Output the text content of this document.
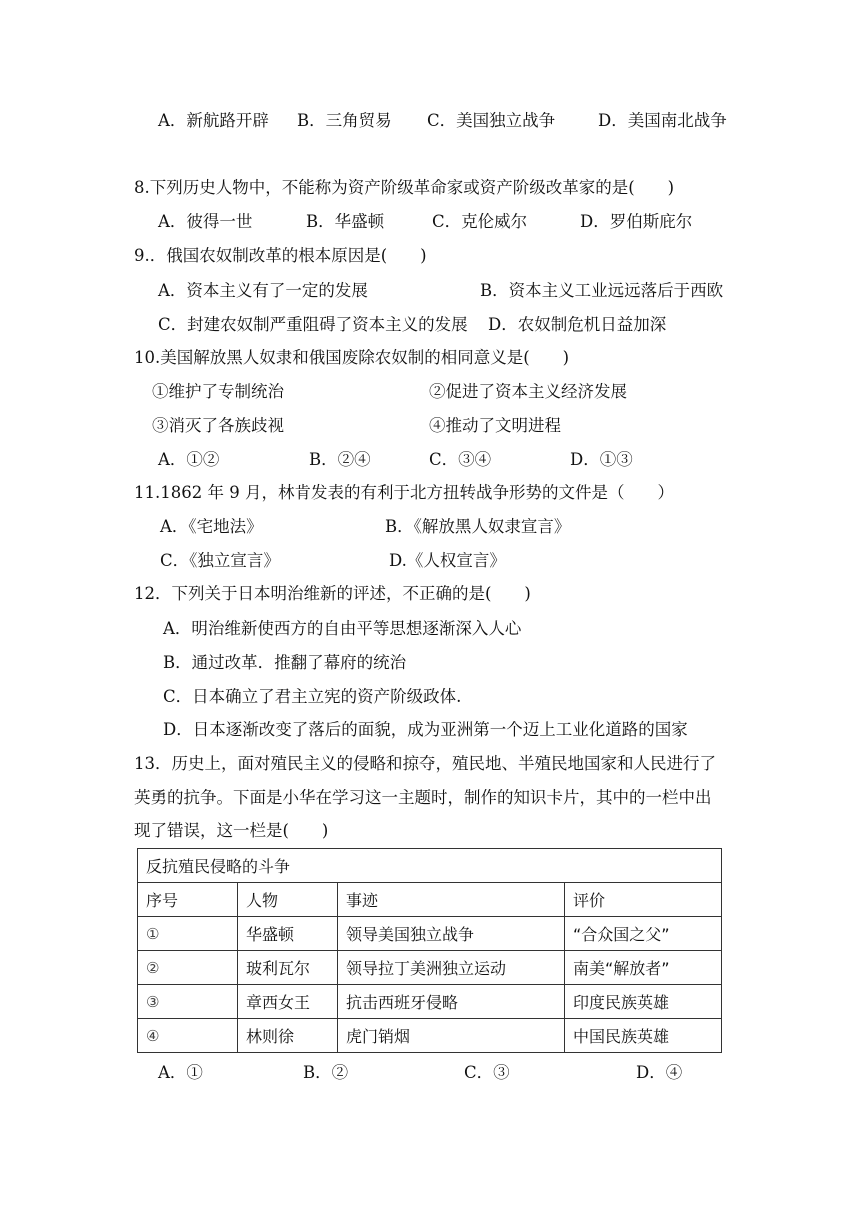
A．新航路开辟 B．三角贸易 C．美国独立战争	D．美国南北战争
8.下列历史人物中，不能称为资产阶级革命家或资产阶级改革家的是(　　)
A．彼得一世	B．华盛顿	C．克伦威尔	D．罗伯斯庇尔
9.．俄国农奴制改革的根本原因是(　　)
A．资本主义有了一定的发展	B．资本主义工业远远落后于西欧
C．封建农奴制严重阻碍了资本主义的发展 D．农奴制危机日益加深
10.美国解放黑人奴隶和俄国废除农奴制的相同意义是(　　)
①维护了专制统治	②促进了资本主义经济发展
③消灭了各族歧视	④推动了文明进程
A．①②	B．②④	C．③④	D．①③
11.1862 年 9 月，林肯发表的有利于北方扭转战争形势的文件是（　　）
A．《宅地法》	B．《解放黑人奴隶宣言》
C．《独立宣言》	D.《人权宣言》
12．下列关于日本明治维新的评述，不正确的是(　　)
A．明治维新使西方的自由平等思想逐渐深入人心
B．通过改革．推翻了幕府的统治
C．日本确立了君主立宪的资产阶级政体.
D．日本逐渐改变了落后的面貌，成为亚洲第一个迈上工业化道路的国家
13．历史上，面对殖民主义的侵略和掠夺，殖民地、半殖民地国家和人民进行了
英勇的抗争。下面是小华在学习这一主题时，制作的知识卡片，其中的一栏中出
现了错误，这一栏是(　　)
反抗殖民侵略的斗争			
序号	人物	事迹	评价
①	华盛顿	领导美国独立战争	“合众国之父”
②	玻利瓦尔	领导拉丁美洲独立运动	南美“解放者”
③	章西女王	抗击西班牙侵略	印度民族英雄
④	林则徐	虎门销烟	中国民族英雄
A．①	B．②	C．③	D．④
